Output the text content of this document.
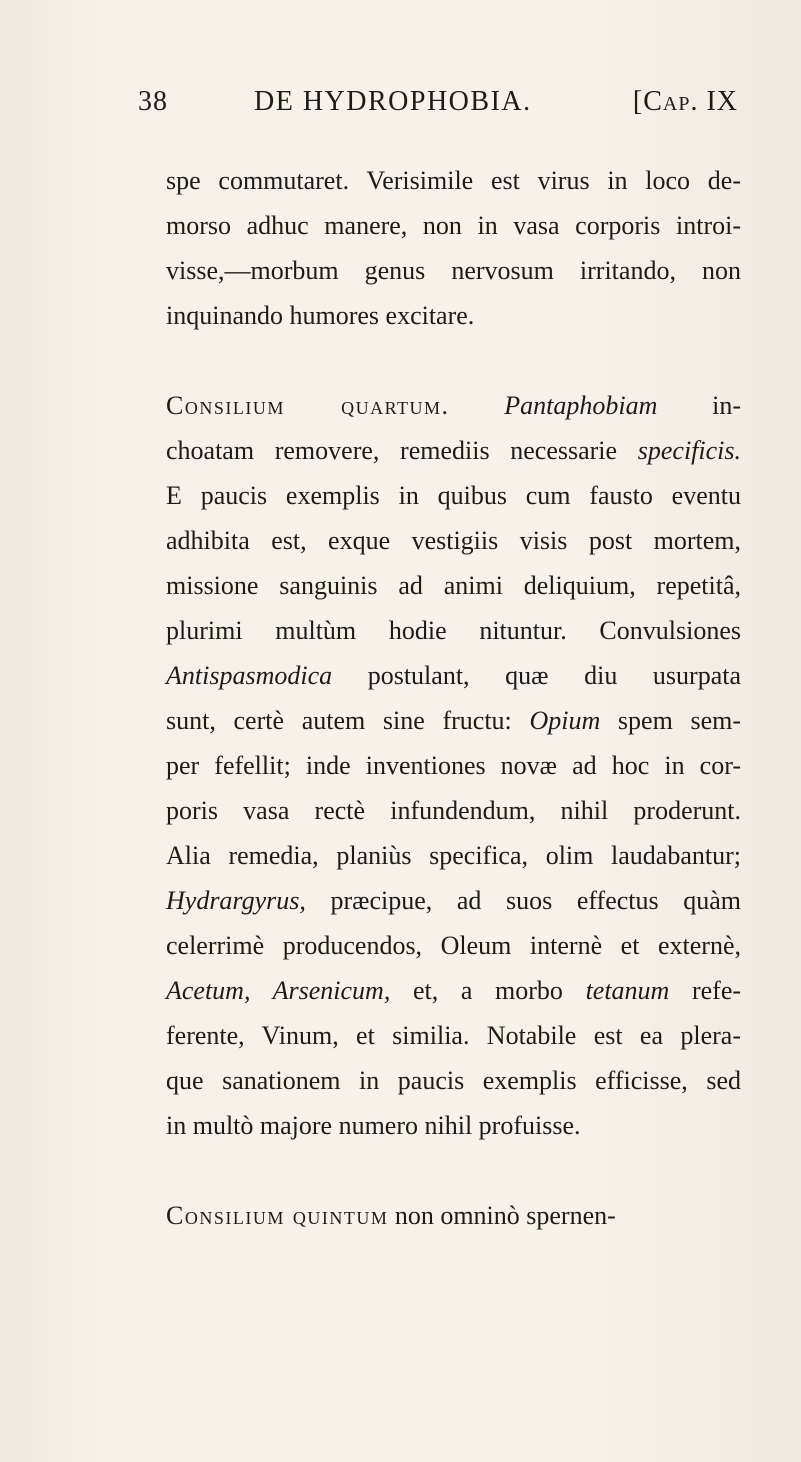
38	DE HYDROPHOBIA.	[Cap. IX
spe commutaret. Verisimile est virus in loco de-
morso adhuc manere, non in vasa corporis introi-
visse,—morbum genus nervosum irritando, non
inquinando humores excitare.
Consilium quartum. Pantaphobiam in-
choatam removere, remediis necessarie specificis.
E paucis exemplis in quibus cum fausto eventu
adhibita est, exque vestigiis visis post mortem,
missione sanguinis ad animi deliquium, repetitâ,
plurimi multùm hodie nituntur. Convulsiones
Antispasmodica postulant, quæ diu usurpata
sunt, certè autem sine fructu: Opium spem sem-
per fefellit; inde inventiones novæ ad hoc in cor-
poris vasa rectè infundendum, nihil proderunt.
Alia remedia, planiùs specifica, olim laudabantur;
Hydrargyrus, præcipue, ad suos effectus quàm
celerrimè producendos, Oleum internè et externè,
Acetum, Arsenicum, et, a morbo tetanum refe-
ferente, Vinum, et similia. Notabile est ea plera-
que sanationem in paucis exemplis efficisse, sed
in multò majore numero nihil profuisse.
Consilium quintum non omninò spernen-
